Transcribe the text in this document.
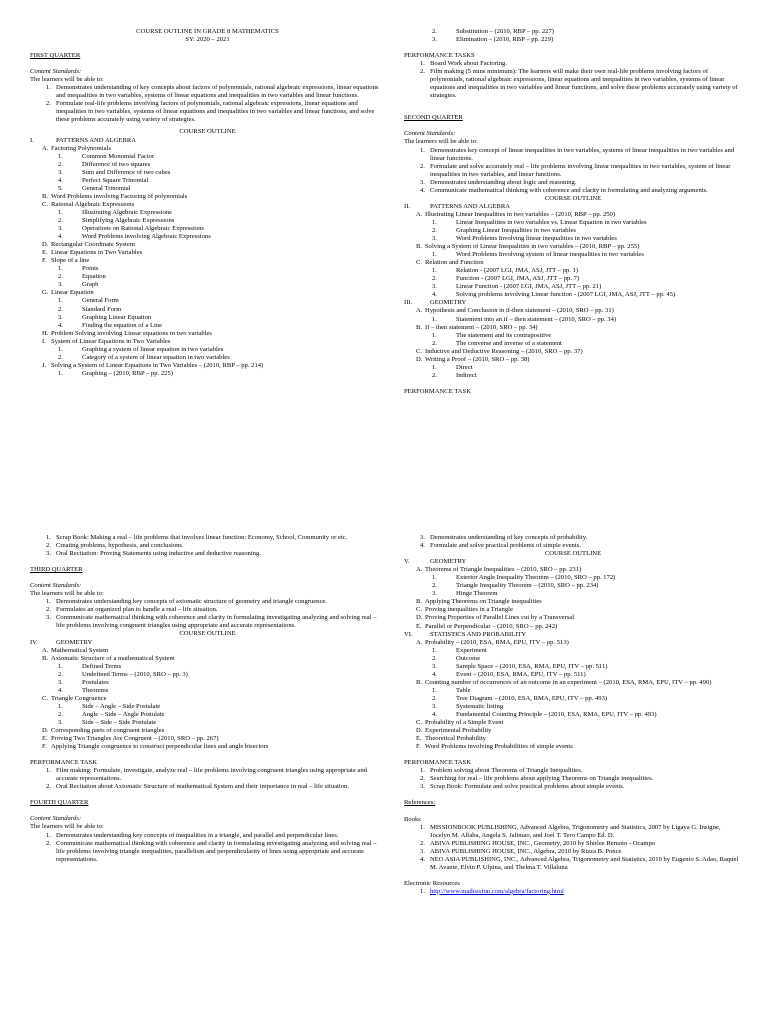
COURSE OUTLINE IN GRADE 8 MATHEMATICS

SY: 2020 – 2021

FIRST QUARTER

Content Standards:

The learners will be able to:

1. Demonstrates understanding of key concepts about factors of polynomials, rational algebraic expressions, linear equations and inequalities in two variables, systems of linear equations and inequalities in two variables and linear functions.
2. Formulate real-life problems involving factors of polynomials, rational algebraic expressions, linear equations and inequalities in two variables, systems of linear equations and inequalities in two variables and linear functions, and solve these problems accurately using variety of strategies.

COURSE OUTLINE

I.	PATTERNS AND ALGEBRA

A. Factoring Polynomials
1.	Common Monomial Factor
2.	Difference of two squares
3.	Sum and Difference of two cubes
4.	Perfect Square Trinomial
5.	General Trinomial
B. Word Problems involving Factoring of polynomials
C. Rational Algebraic Expressions
1.	Illustrating Algebraic Expressions
2.	Simplifying Algebraic Expressions
3.	Operations on Rational Algebraic Expressions
4.	Word Problems involving Algebraic Expressions
D. Rectangular Coordinate System
E. Linear Equations in Two Variables
F. Slope of a line
1.	Points
2.	Equation
3.	Graph
G. Linear Equation
1.	General Form
2.	Standard Form
3.	Graphing Linear Equation
4.	Finding the equation of a Line
H. Problem Solving involving Linear equations in two variables
I. System of Linear Equations in Two Variables
1.	Graphing a system of linear equation in two variables
2.	Category of a system of linear equation in two variables
J. Solving a System of Linear Equations in Two Variables – (2010, RBP – pp. 214)
1.	Graphing – (2010, RBP – pp. 225)
2.	Substitution – (2010, RBP – pp. 227)
3.	Elimination – (2010, RBP – pp. 229)

PERFORMANCE TASKS

1. Board Work about Factoring.
2. Film making (5 mins minimum): The learners will make their own real-life problems involving factors of polynomials, rational algebraic expressions, linear equations and inequalities in two variables, systems of linear equations and inequalities in two variables and linear functions, and solve these problems accurately using variety of strategies.

SECOND QUARTER

Content Standards:

The learners will be able to:

1. Demonstrates key concept of linear inequalities in two variables, systems of linear inequalities in two variables and linear functions.
2. Formulate and solve accurately real – life problems involving linear inequalities in two variables, system of linear inequalities in two variables, and linear functions.
3. Demonstrates understanding about logic and reasoning.
4. Communicate mathematical thinking with coherence and clarity in formulating and analyzing arguments.

COURSE OUTLINE

II.	PATTERNS AND ALGEBRA

A. Illustrating Linear Inequalities in two variables – (2010, RBP – pp. 250)
1.	Linear Inequalities in two variables vs. Linear Equation in two variables
2.	Graphing Linear Inequalities in two variables
3.	Word Problems Involving linear inequalities in two variables
B. Solving a System of Linear Inequalities in two variables – (2010, RBP – pp. 255)
1.	Word Problems Involving system of linear inequalities in two variables
C. Relation and Function
1.	Relation - (2007 LGI, JMA, ASJ, JTT – pp. 1)
2.	Function - (2007 LGI, JMA, ASJ, JTT – pp. 7)
3.	Linear Function - (2007 LGI, JMA, ASJ, JTT – pp. 21)
4.	Solving problems involving Linear function - (2007 LGI, JMA, ASJ, JTT – pp. 45)

III.	GEOMETRY

A. Hypothesis and Conclusion in if-then statement – (2010, SRO – pp. 31)
1.	Statement into an if – then statement – (2010, SRO – pp. 34)
B. If – then statement – (2010, SRO – pp. 34)
1.	The statement and its contrapositive
2.	The converse and inverse of a statement
C. Inductive and Deductive Reasoning – (2010, SRO – pp. 37)
D. Writing a Proof – (2010, SRO – pp. 38)
1.	Direct
2.	Indirect

PERFORMANCE TASK

1. Scrap Book: Making a real – life problems that involves linear function: Economy, School, Community or etc.
2. Creating problems, hypothesis, and conclusions.
3. Oral Recitation: Proving Statements using inductive and deductive reasoning.

THIRD QUARTER

Content Standards:

The learners will be able to:

1. Demonstrates understanding key concepts of axiomatic structure of geometry and triangle congruence.
2. Formulates an organized plan to handle a real – life situation.
3. Communicate mathematical thinking with coherence and clarity in formulating investigating analyzing and solving real – life problems involving congruent triangles using appropriate and accurate representations.

COURSE OUTLINE

IV.	GEOMETRY

A. Mathematical System
B. Axiomatic Structure of a mathematical System
1.	Defined Terms
2.	Undefined Terms – (2010, SRO – pp. 3)
3.	Postulates
4.	Theorems
C. Triangle Congruence
1.	Side – Angle – Side Postulate
2.	Angle – Side – Angle Postulate
3.	Side – Side – Side Postulate
D. Corresponding parts of congruent triangles
E. Proving Two Triangles Are Congruent – (2010, SRO – pp. 267)
F. Applying Triangle congruence to construct perpendicular lines and angle bisectors

PERFORMANCE TASK

1. Film making: Formulate, investigate, analyze real – life problems involving congruent triangles using appropriate and accurate representations.
2. Oral Recitation about Axiomatic Structure of mathematical System and their importance in real – life situation.

FOURTH QUARTER

Content Standards:

The learners will be able to:

1. Demonstrates understanding key concepts of inequalities in a triangle, and parallel and perpendicular lines.
2. Communicate mathematical thinking with coherence and clarity in formulating investigating analyzing and solving real – life problems involving triangle inequalities, parallelism and perpendicularity of lines using appropriate and accurate representations.
3. Demonstrates understanding of key concepts of probability.
4. Formulate and solve practical problems of simple events.

COURSE OUTLINE

V.	GEOMETRY

A. Theorems of Triangle Inequalities – (2010, SRO – pp. 231)
1.	Exterior Angle Inequality Theorem – (2010, SRO – pp. 172)
2.	Triangle Inequality Theorem – (2010, SRO – pp. 234)
3.	Hinge Theorem
B. Applying Theorems on Triangle inequalities
C. Proving inequalities in a Triangle
D. Proving Properties of Parallel Lines cut by a Transversal
E. Parallel or Perpendicular – (2010, SRO – pp. 242)

VI.	STATISTICS AND PROBABILITY

A. Probability – (2010, ESA, RMA, EPU, ITV – pp. 513)
1.	Experiment
2.	Outcome
3.	Sample Space – (2010, ESA, RMA, EPU, ITV – pp. 511)
4.	Event – (2010, ESA, RMA, EPU, ITV – pp. 511)
B. Counting number of occurrences of an outcome in an experiment – (2010, ESA, RMA, EPU, ITV – pp. 490)
1.	Table
2.	Tree Diagram – (2010, ESA, RMA, EPU, ITV – pp. 493)
3.	Systematic listing
4.	Fundamental Counting Principle – (2010, ESA, RMA, EPU, ITV – pp. 493)
C. Probability of a Simple Event
D. Experimental Probability
E. Theoretical Probability
F. Word Problems involving Probabilities of simple events

PERFORMANCE TASK

1. Problem solving about Theorems of Triangle Inequalities.
2. Searching for real – life problems about applying Theorems on Triangle inequalities.
3. Scrap Book: Formulate and solve practical problems about simple events.

References:

Books

1. MISSIONBOOK PUBLISHING, Advanced Algebra, Trigonometry and Statistics, 2007 by Ligaya G. Insigne, Jocelyn M. Alfaba, Angela S. Jalimao, and Joel T. Tero Campo Ed. D.
2. ABIVA PUBLISHING HOUSE, INC., Geometry, 2010 by Shirlee Remoto - Ocampo
3. ABIVA PUBLISHING HOUSE, INC., Algebra, 2010 by Rizza B. Ponce
4. NEO ASIA PUBLISHING, INC., Advanced Algebra, Trigonometry and Statistics, 2010 by Eugenio S. Adao, Raquel M. Avante, Elvin P. Ulpina, and Thelma T. Villaluna

Electronic Resources

1. http://www.mathsisfun.com/algebra/factoring.html
